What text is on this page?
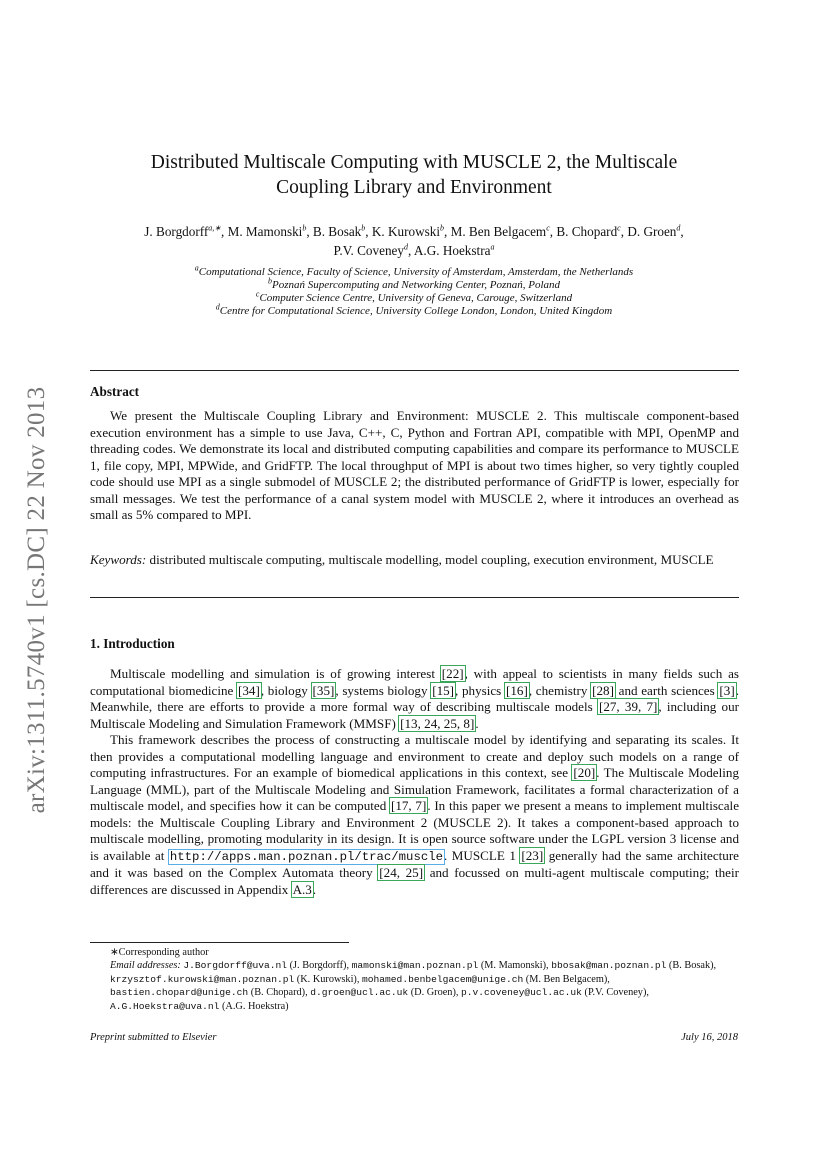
arXiv:1311.5740v1 [cs.DC] 22 Nov 2013
Distributed Multiscale Computing with MUSCLE 2, the Multiscale
Coupling Library and Environment
J. Borgdorff$^{a,∗}$, M. Mamonski$^b$, B. Bosak$^b$, K. Kurowski$^b$, M. Ben Belgacem$^c$, B. Chopard$^c$, D. Groen$^d$,
P.V. Coveney$^d$, A.G. Hoekstra$^a$
$^a$Computational Science, Faculty of Science, University of Amsterdam, Amsterdam, the Netherlands
$^b$Poznań Supercomputing and Networking Center, Poznań, Poland
$^c$Computer Science Centre, University of Geneva, Carouge, Switzerland
$^d$Centre for Computational Science, University College London, London, United Kingdom
Abstract
We present the Multiscale Coupling Library and Environment: MUSCLE 2. This multiscale component-based execution environment has a simple to use Java, C++, C, Python and Fortran API, compatible with MPI, OpenMP and threading codes. We demonstrate its local and distributed computing capabilities and compare its performance to MUSCLE 1, file copy, MPI, MPWide, and GridFTP. The local throughput of MPI is about two times higher, so very tightly coupled code should use MPI as a single submodel of MUSCLE 2; the distributed performance of GridFTP is lower, especially for small messages. We test the performance of a canal system model with MUSCLE 2, where it introduces an overhead as small as 5% compared to MPI.
Keywords: distributed multiscale computing, multiscale modelling, model coupling, execution environment, MUSCLE
1. Introduction

Multiscale modelling and simulation is of growing interest [22], with appeal to scientists in many fields such as computational biomedicine [34], biology [35], systems biology [15], physics [16], chemistry [28] and earth sciences [3]. Meanwhile, there are efforts to provide a more formal way of describing multiscale models [27, 39, 7], including our Multiscale Modeling and Simulation Framework (MMSF) [13, 24, 25, 8].

This framework describes the process of constructing a multiscale model by identifying and separating its scales. It then provides a computational modelling language and environment to create and deploy such models on a range of computing infrastructures. For an example of biomedical applications in this context, see [20]. The Multiscale Modeling Language (MML), part of the Multiscale Modeling and Simulation Framework, facilitates a formal characterization of a multiscale model, and specifies how it can be computed [17, 7]. In this paper we present a means to implement multiscale models: the Multiscale Coupling Library and Environment 2 (MUSCLE 2). It takes a component-based approach to multiscale modelling, promoting modularity in its design. It is open source software under the LGPL version 3 license and is available at http://apps.man.poznan.pl/trac/muscle. MUSCLE 1 [23] generally had the same architecture and it was based on the Complex Automata theory [24, 25] and focussed on multi-agent multiscale computing; their differences are discussed in Appendix A.3.

∗Corresponding author

Email addresses: J.Borgdorff@uva.nl (J. Borgdorff), mamonski@man.poznan.pl (M. Mamonski), bbosak@man.poznan.pl (B. Bosak), krzysztof.kurowski@man.poznan.pl (K. Kurowski), mohamed.benbelgacem@unige.ch (M. Ben Belgacem), bastien.chopard@unige.ch (B. Chopard), d.groen@ucl.ac.uk (D. Groen), p.v.coveney@ucl.ac.uk (P.V. Coveney), A.G.Hoekstra@uva.nl (A.G. Hoekstra)

Preprint submitted to Elsevier	July 16, 2018
